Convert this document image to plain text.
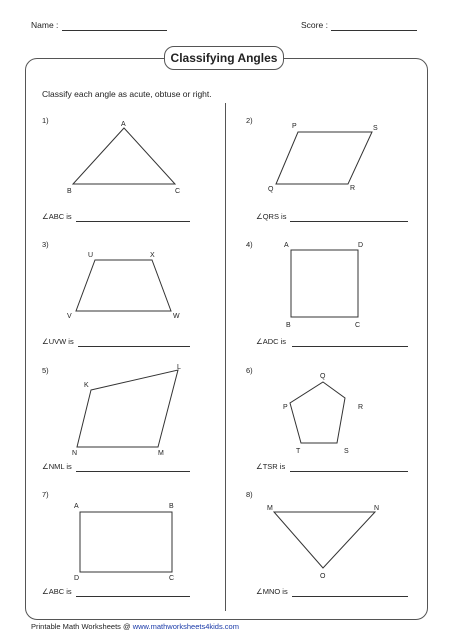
Name :	Score :
Classifying Angles
Classify each angle as acute, obtuse or right.
1)	2)
3)	4)
5)	6)
7)	8)
∠ABC is	∠QRS is
∠UVW is	∠ADC is
∠NML is	∠TSR is
∠ABC is	∠MNO is
A
B	C
P	S
Q	R
U	X
V	W
A	D
B	C
K
L
N	M
Q
P	R
T	S
A	B
D	C
M	N
O
Printable Math Worksheets @ www.mathworksheets4kids.com
